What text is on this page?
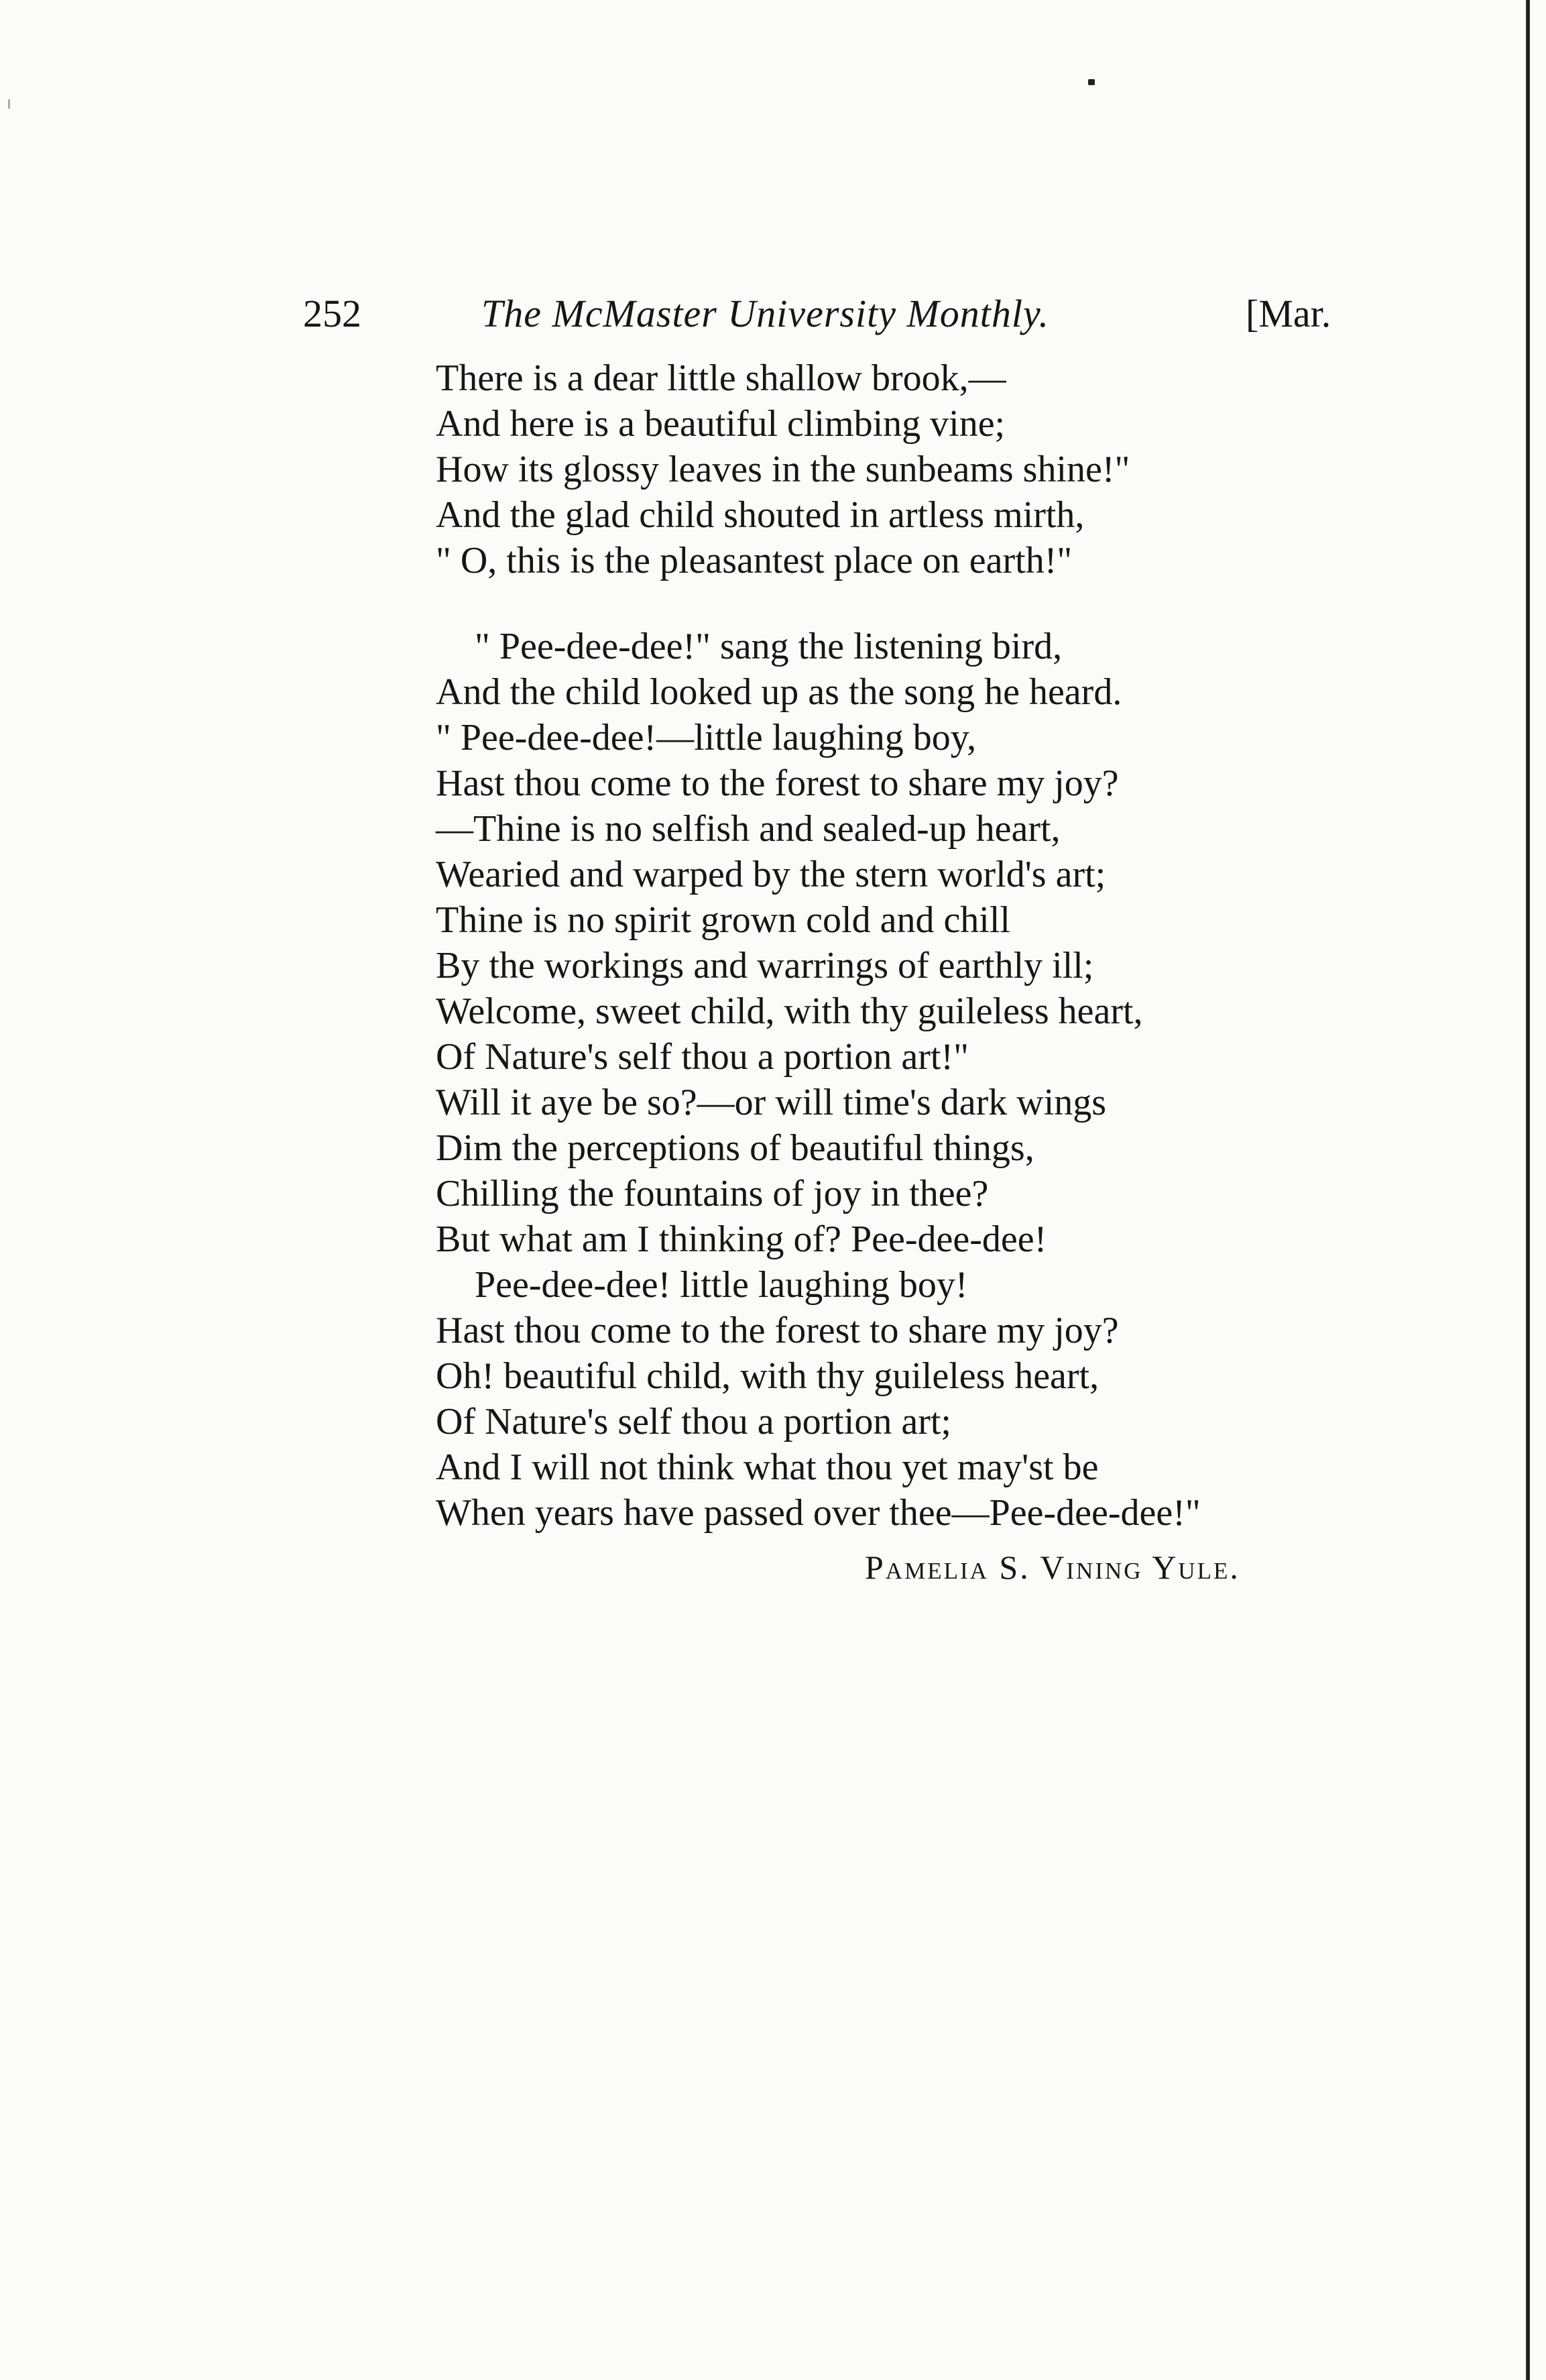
252	The McMaster University Monthly.	[Mar.
There is a dear little shallow brook,—
And here is a beautiful climbing vine;
How its glossy leaves in the sunbeams shine!"
And the glad child shouted in artless mirth,
" O, this is the pleasantest place on earth!"
" Pee-dee-dee!" sang the listening bird,
And the child looked up as the song he heard.
" Pee-dee-dee!—little laughing boy,
Hast thou come to the forest to share my joy?
—Thine is no selfish and sealed-up heart,
Wearied and warped by the stern world's art;
Thine is no spirit grown cold and chill
By the workings and warrings of earthly ill;
Welcome, sweet child, with thy guileless heart,
Of Nature's self thou a portion art!"
Will it aye be so?—or will time's dark wings
Dim the perceptions of beautiful things,
Chilling the fountains of joy in thee?
But what am I thinking of? Pee-dee-dee!
Pee-dee-dee! little laughing boy!
Hast thou come to the forest to share my joy?
Oh! beautiful child, with thy guileless heart,
Of Nature's self thou a portion art;
And I will not think what thou yet may'st be
When years have passed over thee—Pee-dee-dee!"
Pamelia S. Vining Yule.
